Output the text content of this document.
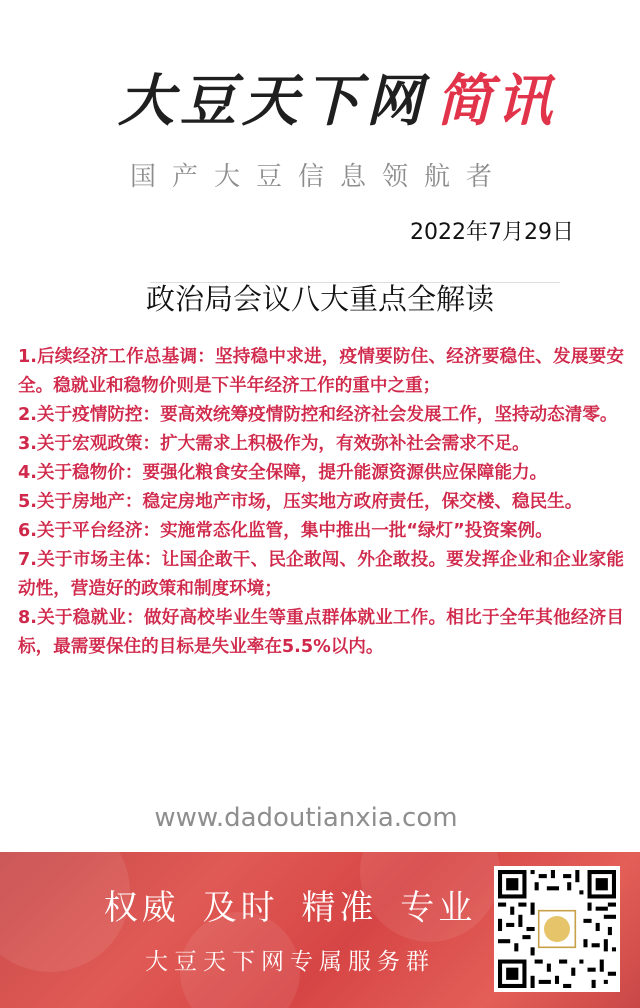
大豆天下网 简讯
国产大豆信息领航者
2022年7月29日
政治局会议八大重点全解读
1.后续经济工作总基调：坚持稳中求进，疫情要防住、经济要稳住、发展要安全。稳就业和稳物价则是下半年经济工作的重中之重；
2.关于疫情防控：要高效统筹疫情防控和经济社会发展工作，坚持动态清零。
3.关于宏观政策：扩大需求上积极作为，有效弥补社会需求不足。
4.关于稳物价：要强化粮食安全保障，提升能源资源供应保障能力。
5.关于房地产：稳定房地产市场，压实地方政府责任，保交楼、稳民生。
6.关于平台经济：实施常态化监管，集中推出一批“绿灯”投资案例。
7.关于市场主体：让国企敢干、民企敢闯、外企敢投。要发挥企业和企业家能动性，营造好的政策和制度环境；
8.关于稳就业：做好高校毕业生等重点群体就业工作。相比于全年其他经济目标，最需要保住的目标是失业率在5.5%以内。
www.dadoutianxia.com
权威 及时 精准 专业
大豆天下网专属服务群
